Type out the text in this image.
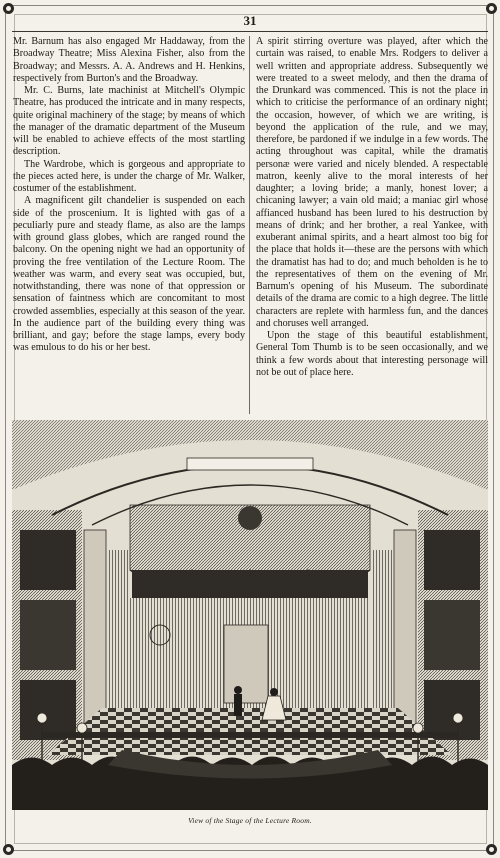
31

Mr. Barnum has also engaged Mr Haddaway, from the Broadway Theatre; Miss Alexina Fisher, also from the Broadway; and Messrs. A. A. Andrews and H. Henkins, respectively from Burton's and the Broadway.

Mr. C. Burns, late machinist at Mitchell's Olympic Theatre, has produced the intricate and in many respects, quite original machinery of the stage; by means of which the manager of the dramatic department of the Museum will be enabled to achieve effects of the most startling description.

The Wardrobe, which is gorgeous and appropriate to the pieces acted here, is under the charge of Mr. Walker, costumer of the establishment.

A magnificent gilt chandelier is suspended on each side of the proscenium. It is lighted with gas of a peculiarly pure and steady flame, as also are the lamps with ground glass globes, which are ranged round the balcony. On the opening night we had an opportunity of proving the free ventilation of the Lecture Room. The weather was warm, and every seat was occupied, but, notwithstanding, there was none of that oppression or sensation of faintness which are concomitant to most crowded assemblies, especially at this season of the year. In the audience part of the building every thing was brilliant, and gay; before the stage lamps, every body was emulous to do his or her best.

A spirit stirring overture was played, after which the curtain was raised, to enable Mrs. Rodgers to deliver a well written and appropriate address. Subsequently we were treated to a sweet melody, and then the drama of the Drunkard was commenced. This is not the place in which to criticise the performance of an ordinary night; the occasion, however, of which we are writing, is beyond the application of the rule, and we may, therefore, be pardoned if we indulge in a few words. The acting throughout was capital, while the dramatis personæ were varied and nicely blended. A respectable matron, keenly alive to the moral interests of her daughter; a loving bride; a manly, honest lover; a chicaning lawyer; a vain old maid; a maniac girl whose affianced husband has been lured to his destruction by means of drink; and her brother, a real Yankee, with exuberant animal spirits, and a heart almost too big for the place that holds it—these are the persons with which the dramatist has had to do; and much beholden is he to the representatives of them on the evening of Mr. Barnum's opening of his Museum. The subordinate details of the drama are comic to a high degree. The little characters are replete with harmless fun, and the dances and choruses well arranged.

Upon the stage of this beautiful establishment, General Tom Thumb is to be seen occasionally, and we think a few words about that interesting personage will not be out of place here.

View of the Stage of the Lecture Room.
